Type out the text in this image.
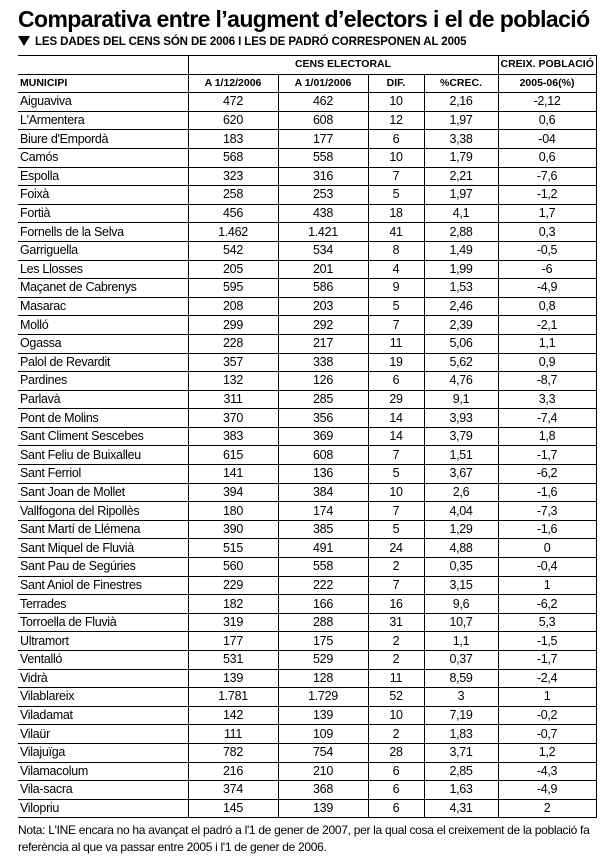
Comparativa entre l’augment d’electors i el de població
LES DADES DEL CENS SÓN DE 2006 I LES DE PADRÓ CORRESPONEN AL 2005
	CENS ELECTORAL				CREIX. POBLACIÓ
MUNICIPI	A 1/12/2006	A 1/01/2006	DIF.	%CREC.	2005-06(%)
Aiguaviva	472	462	10	2,16	-2,12
L'Armentera	620	608	12	1,97	0,6
Biure d'Empordà	183	177	6	3,38	-04
Camós	568	558	10	1,79	0,6
Espolla	323	316	7	2,21	-7,6
Foixà	258	253	5	1,97	-1,2
Fortià	456	438	18	4,1	1,7
Fornells de la Selva	1.462	1.421	41	2,88	0,3
Garriguella	542	534	8	1,49	-0,5
Les Llosses	205	201	4	1,99	-6
Maçanet de Cabrenys	595	586	9	1,53	-4,9
Masarac	208	203	5	2,46	0,8
Molló	299	292	7	2,39	-2,1
Ogassa	228	217	11	5,06	1,1
Palol de Revardit	357	338	19	5,62	0,9
Pardines	132	126	6	4,76	-8,7
Parlavà	311	285	29	9,1	3,3
Pont de Molins	370	356	14	3,93	-7,4
Sant Climent Sescebes	383	369	14	3,79	1,8
Sant Feliu de Buixalleu	615	608	7	1,51	-1,7
Sant Ferriol	141	136	5	3,67	-6,2
Sant Joan de Mollet	394	384	10	2,6	-1,6
Vallfogona del Ripollès	180	174	7	4,04	-7,3
Sant Martí de Llémena	390	385	5	1,29	-1,6
Sant Miquel de Fluvià	515	491	24	4,88	0
Sant Pau de Segúries	560	558	2	0,35	-0,4
Sant Aniol de Finestres	229	222	7	3,15	1
Terrades	182	166	16	9,6	-6,2
Torroella de Fluvià	319	288	31	10,7	5,3
Ultramort	177	175	2	1,1	-1,5
Ventalló	531	529	2	0,37	-1,7
Vidrà	139	128	11	8,59	-2,4
Vilablareix	1.781	1.729	52	3	1
Viladamat	142	139	10	7,19	-0,2
Vilaür	111	109	2	1,83	-0,7
Vilajuïga	782	754	28	3,71	1,2
Vilamacolum	216	210	6	2,85	-4,3
Vila-sacra	374	368	6	1,63	-4,9
Vilopriu	145	139	6	4,31	2
Nota: L'INE encara no ha avançat el padró a l'1 de gener de 2007, per la qual cosa el creixement de la població fa referència al que va passar entre 2005 i l'1 de gener de 2006.
